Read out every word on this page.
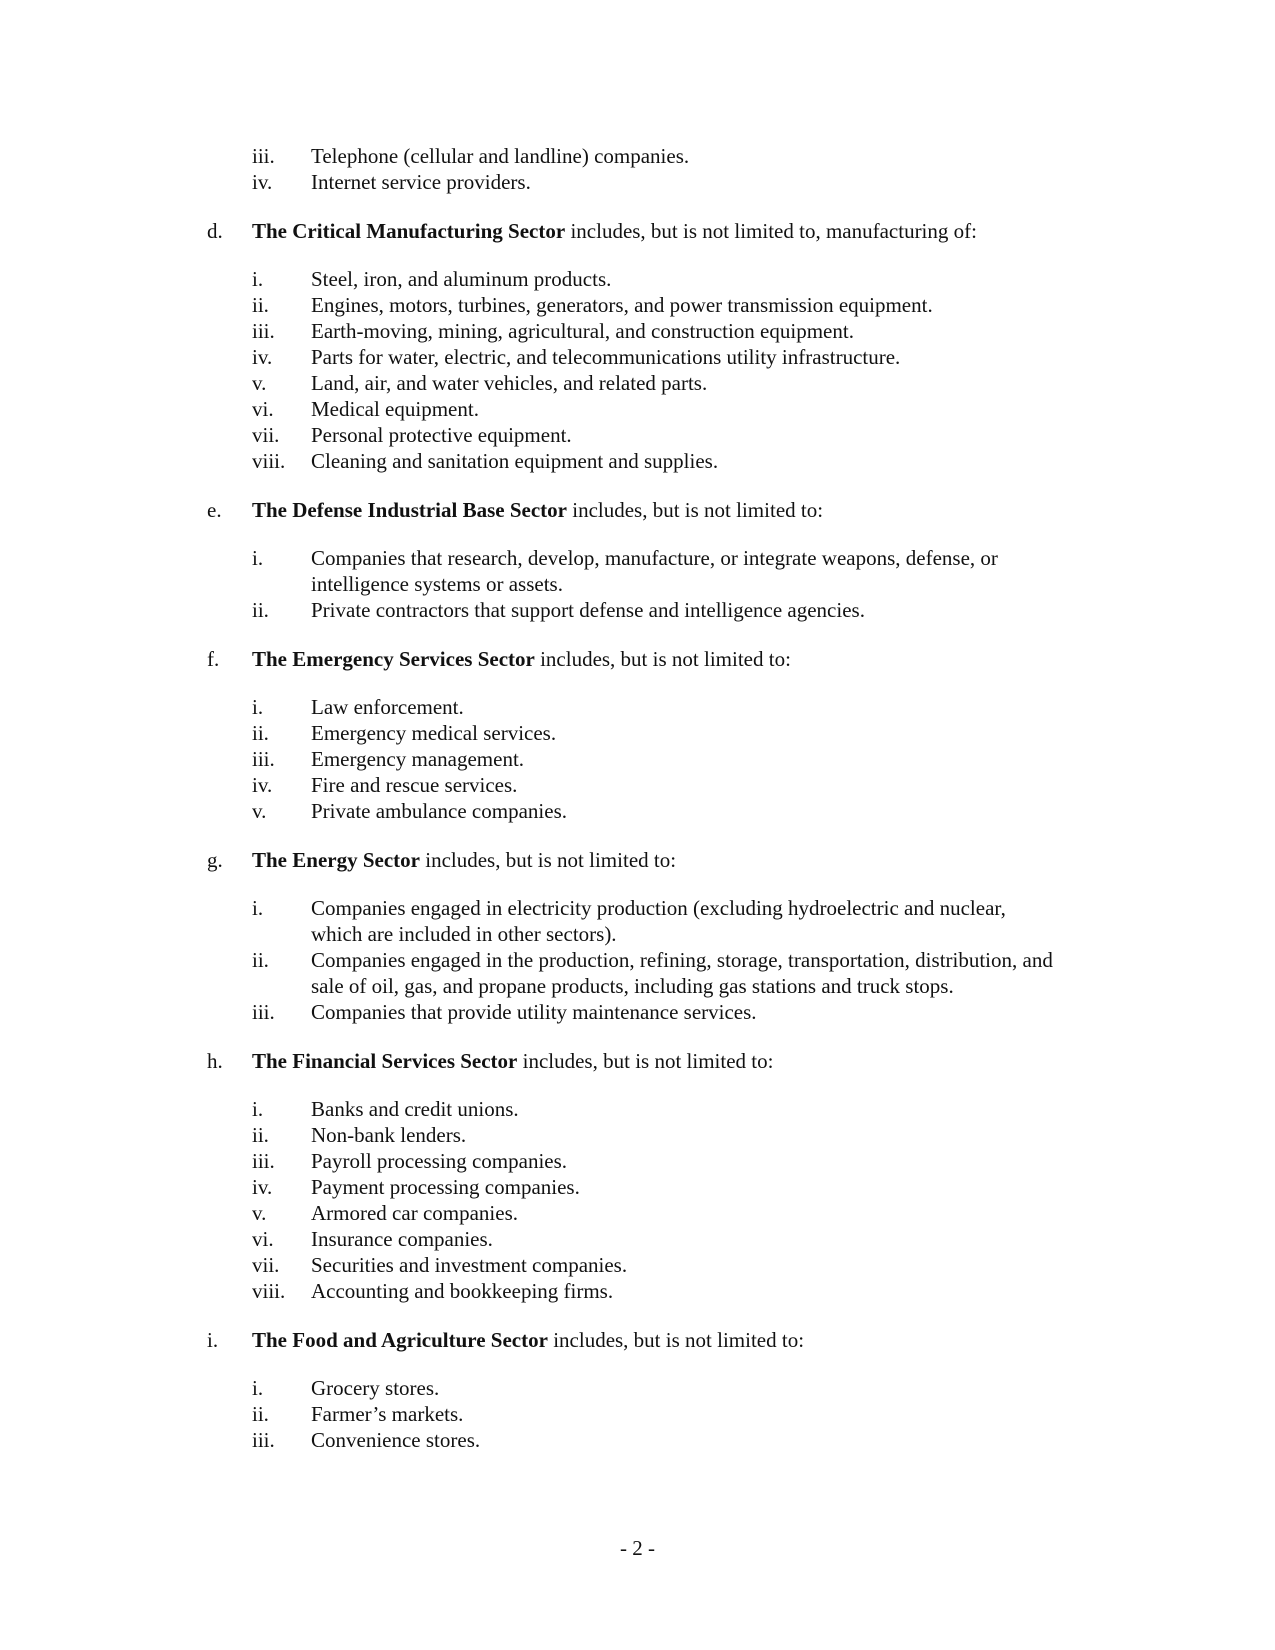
iii. Telephone (cellular and landline) companies.
iv. Internet service providers.
d. The Critical Manufacturing Sector includes, but is not limited to, manufacturing of:
i. Steel, iron, and aluminum products.
ii. Engines, motors, turbines, generators, and power transmission equipment.
iii. Earth-moving, mining, agricultural, and construction equipment.
iv. Parts for water, electric, and telecommunications utility infrastructure.
v. Land, air, and water vehicles, and related parts.
vi. Medical equipment.
vii. Personal protective equipment.
viii. Cleaning and sanitation equipment and supplies.
e. The Defense Industrial Base Sector includes, but is not limited to:
i. Companies that research, develop, manufacture, or integrate weapons, defense, or
intelligence systems or assets.
ii. Private contractors that support defense and intelligence agencies.
f. The Emergency Services Sector includes, but is not limited to:
i. Law enforcement.
ii. Emergency medical services.
iii. Emergency management.
iv. Fire and rescue services.
v. Private ambulance companies.
g. The Energy Sector includes, but is not limited to:
i. Companies engaged in electricity production (excluding hydroelectric and nuclear,
which are included in other sectors).
ii. Companies engaged in the production, refining, storage, transportation, distribution, and
sale of oil, gas, and propane products, including gas stations and truck stops.
iii. Companies that provide utility maintenance services.
h. The Financial Services Sector includes, but is not limited to:
i. Banks and credit unions.
ii. Non-bank lenders.
iii. Payroll processing companies.
iv. Payment processing companies.
v. Armored car companies.
vi. Insurance companies.
vii. Securities and investment companies.
viii. Accounting and bookkeeping firms.
i. The Food and Agriculture Sector includes, but is not limited to:
i. Grocery stores.
ii. Farmer’s markets.
iii. Convenience stores.
- 2 -
